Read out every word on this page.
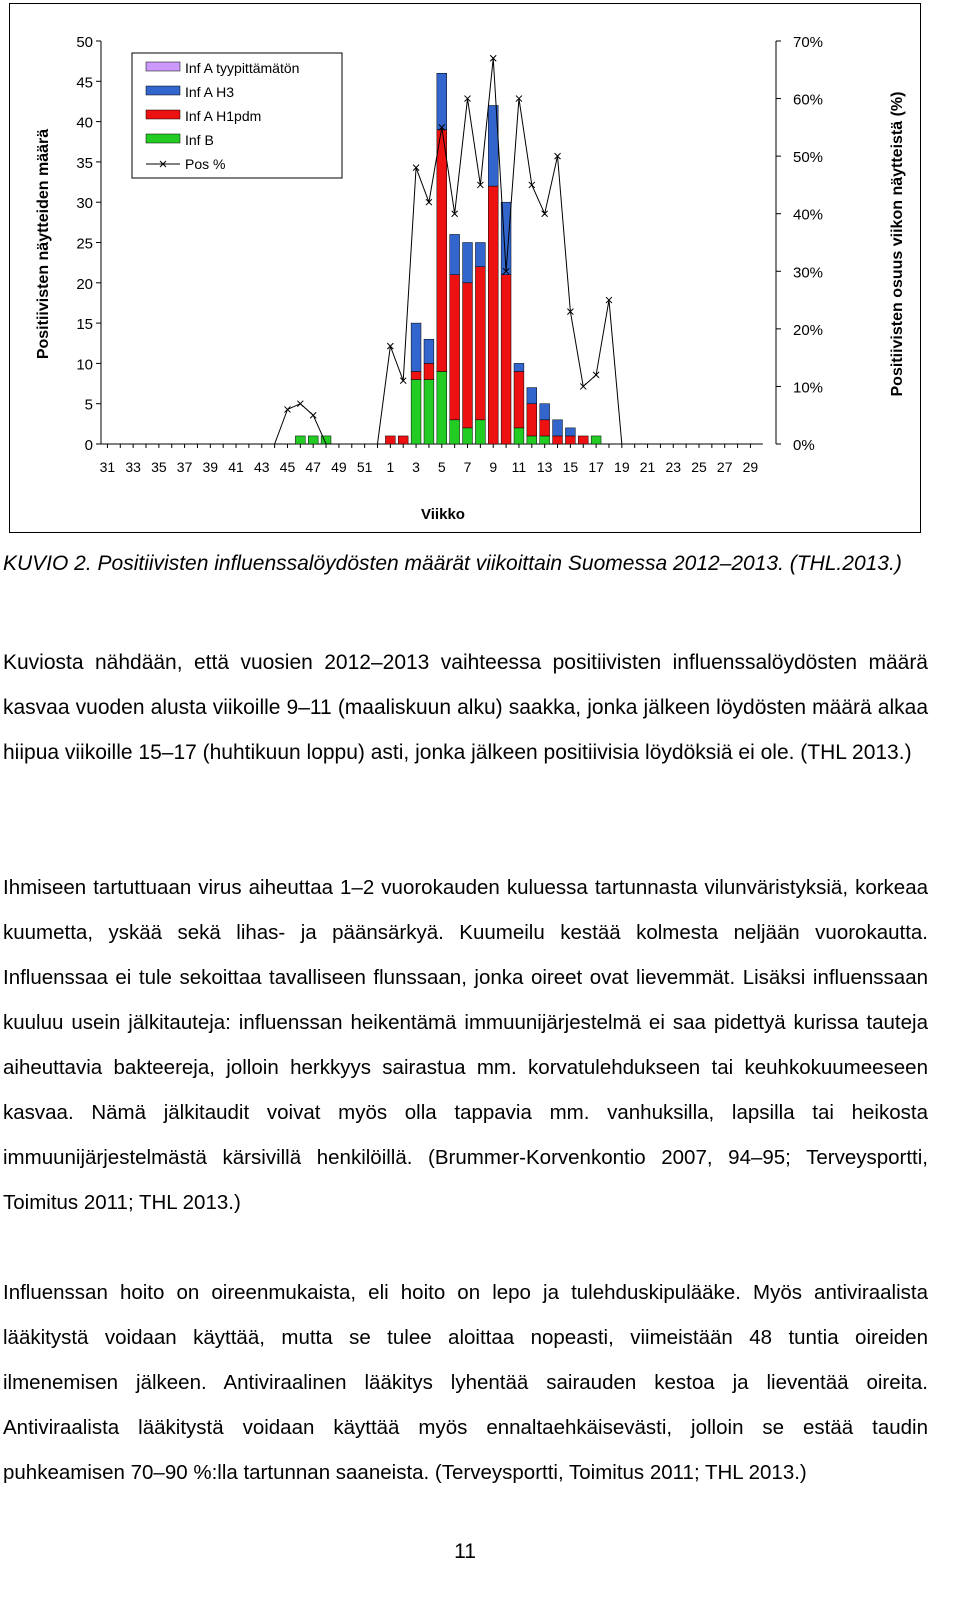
0
5
10
15
20
25
30
35
40
45
50
0%
10%
20%
30%
40%
50%
60%
70%
31 33 35 37 39 41 43 45 47 49 51 1 3 5 7 9 11 13 15 17 19 21 23 25 27 29
Positiivisten näytteiden määrä	Positiivisten osuus viikon näytteistä (%)
Viikko
Inf A tyypittämätön
Inf A H3
Inf A H1pdm
Inf B
Pos %
KUVIO 2. Positiivisten influenssalöydösten määrät viikoittain Suomessa 2012–2013. (THL.2013.)

Kuviosta nähdään, että vuosien 2012–2013 vaihteessa positiivisten influenssalöydösten määrä kasvaa vuoden alusta viikoille 9–11 (maaliskuun alku) saakka, jonka jälkeen löydösten määrä alkaa hiipua viikoille 15–17 (huhtikuun loppu) asti, jonka jälkeen positiivisia löydöksiä ei ole. (THL 2013.)

Ihmiseen tartuttuaan virus aiheuttaa 1–2 vuorokauden kuluessa tartunnasta vilunväristyksiä, korkeaa kuumetta, yskää sekä lihas- ja päänsärkyä. Kuumeilu kestää kolmesta neljään vuorokautta. Influenssaa ei tule sekoittaa tavalliseen flunssaan, jonka oireet ovat lievemmät. Lisäksi influenssaan kuuluu usein jälkitauteja: influenssan heikentämä immuunijärjestelmä ei saa pidettyä kurissa tauteja aiheuttavia bakteereja, jolloin herkkyys sairastua mm. korvatulehdukseen tai keuhkokuumeeseen kasvaa. Nämä jälkitaudit voivat myös olla tappavia mm. vanhuksilla, lapsilla tai heikosta immuunijärjestelmästä kärsivillä henkilöillä. (Brummer-Korvenkontio 2007, 94–95; Terveysportti, Toimitus 2011; THL 2013.)

Influenssan hoito on oireenmukaista, eli hoito on lepo ja tulehduskipulääke. Myös antiviraalista lääkitystä voidaan käyttää, mutta se tulee aloittaa nopeasti, viimeistään 48 tuntia oireiden ilmenemisen jälkeen. Antiviraalinen lääkitys lyhentää sairauden kestoa ja lieventää oireita. Antiviraalista lääkitystä voidaan käyttää myös ennaltaehkäisevästi, jolloin se estää taudin puhkeamisen 70–90 %:lla tartunnan saaneista. (Terveysportti, Toimitus 2011; THL 2013.)

11
